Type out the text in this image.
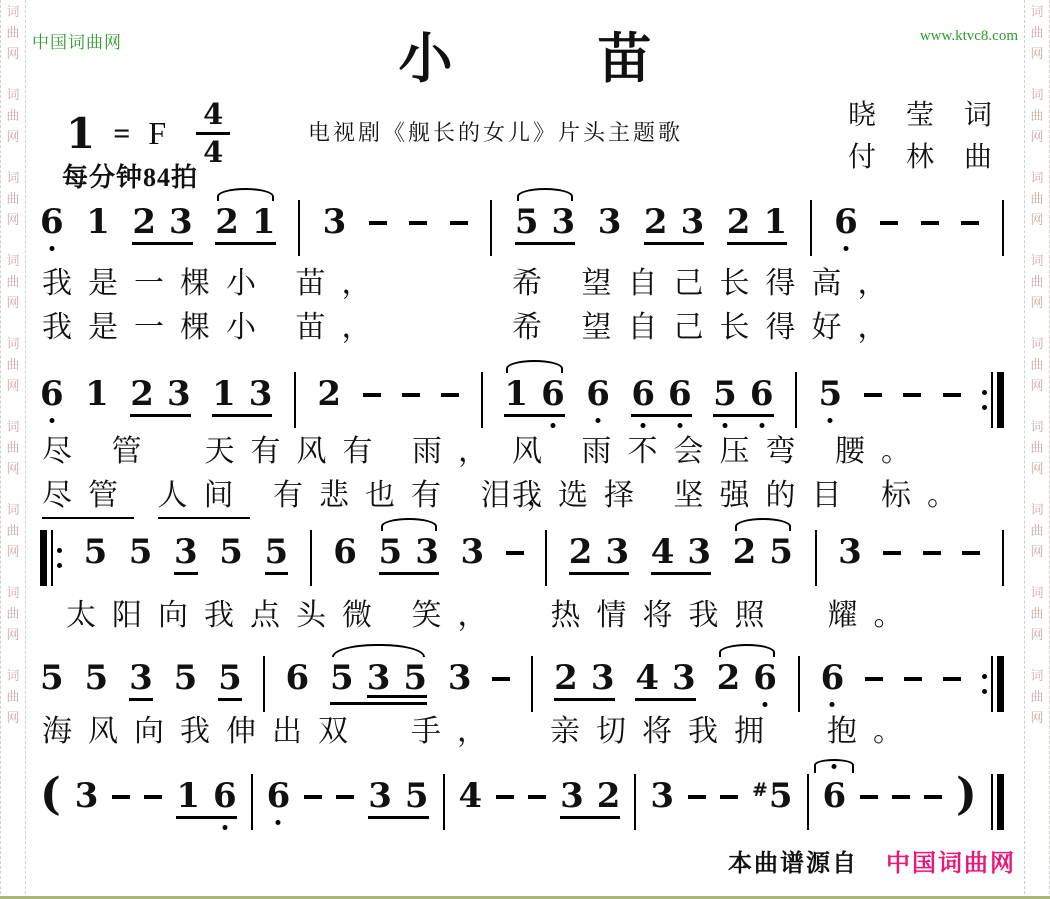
词
曲
网
词
曲
网
词
曲
网
词
曲
网
词
曲
网
词
曲
网
词
曲
网
词
曲
网
词
曲
网
词
曲
网
词
曲
网
词
曲
网
词
曲
网
词
曲
网
词
曲
网
词
曲
网
词
曲
网
词
曲
网
中国词曲网	www.ktvc8.com
小苗
1 = F $\frac{4}{4}$
每分钟84拍
电视剧《舰长的女儿》片头主题歌
晓莹词
付林曲
6 1 2 3 2 1 3	5 3 3 2 3 2 1 6
我是一棵小 苗，	希 望自己长得高，
我是一棵小 苗，	希 望自己长得好，
6 1 2 3 1 3 2	1 6 6 6 6 5 6 5
尽 管  天有风有 雨， 风 雨不会压弯 腰。
尽管 人间 有悲也有 泪，
我选择 坚强的目 标。
5 5 3 5 5 6 5 3 3 2 3 4 3 2 5 3
太阳向我点头微 笑，  热情将我照  耀。
5 5 3 5 5 6 5 3 5 3 2 3 4 3 2 6 6
海风向我伸出双  手，  亲切将我拥  抱。
( 3 1 6 6 3 5 4 3 2 3	#5 6 )
本曲谱源自 中国词曲网
